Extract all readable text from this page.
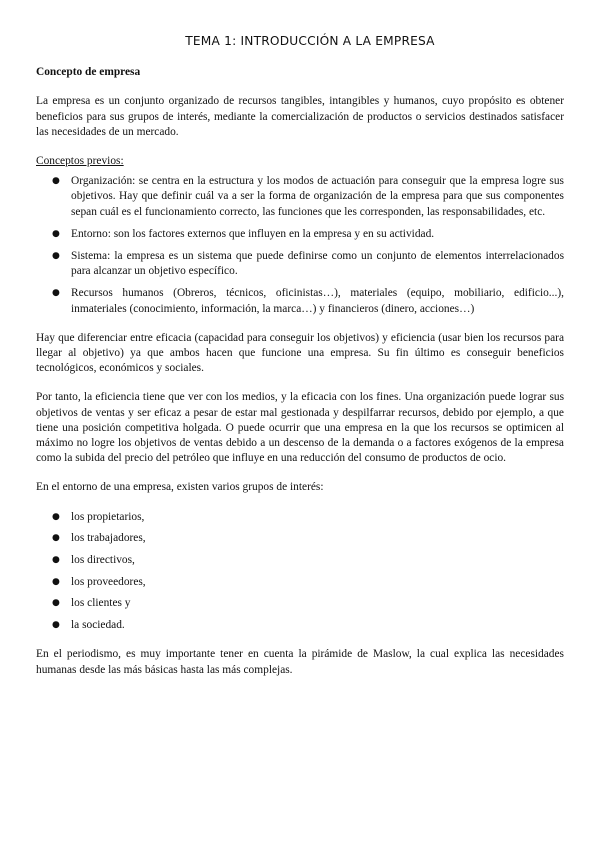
TEMA 1: INTRODUCCIÓN A LA EMPRESA
Concepto de empresa

La empresa es un conjunto organizado de recursos tangibles, intangibles y humanos, cuyo propósito es obtener beneficios para sus grupos de interés, mediante la comercialización de productos o servicios destinados satisfacer las necesidades de un mercado.

Conceptos previos:
● Organización: se centra en la estructura y los modos de actuación para conseguir que la empresa logre sus objetivos. Hay que definir cuál va a ser la forma de organización de la empresa para que sus componentes sepan cuál es el funcionamiento correcto, las funciones que les corresponden, las responsabilidades, etc.
● Entorno: son los factores externos que influyen en la empresa y en su actividad.
● Sistema: la empresa es un sistema que puede definirse como un conjunto de elementos interrelacionados para alcanzar un objetivo específico.
● Recursos humanos (Obreros, técnicos, oficinistas…), materiales (equipo, mobiliario, edificio...), inmateriales (conocimiento, información, la marca…) y financieros (dinero, acciones…)

Hay que diferenciar entre eficacia (capacidad para conseguir los objetivos) y eficiencia (usar bien los recursos para llegar al objetivo) ya que ambos hacen que funcione una empresa. Su fin último es conseguir beneficios tecnológicos, económicos y sociales.

Por tanto, la eficiencia tiene que ver con los medios, y la eficacia con los fines. Una organización puede lograr sus objetivos de ventas y ser eficaz a pesar de estar mal gestionada y despilfarrar recursos, debido por ejemplo, a que tiene una posición competitiva holgada. O puede ocurrir que una empresa en la que los recursos se optimicen al máximo no logre los objetivos de ventas debido a un descenso de la demanda o a factores exógenos de la empresa como la subida del precio del petróleo que influye en una reducción del consumo de productos de ocio.

En el entorno de una empresa, existen varios grupos de interés:

● los propietarios,
● los trabajadores,
● los directivos,
● los proveedores,
● los clientes y
● la sociedad.

En el periodismo, es muy importante tener en cuenta la pirámide de Maslow, la cual explica las necesidades humanas desde las más básicas hasta las más complejas.
